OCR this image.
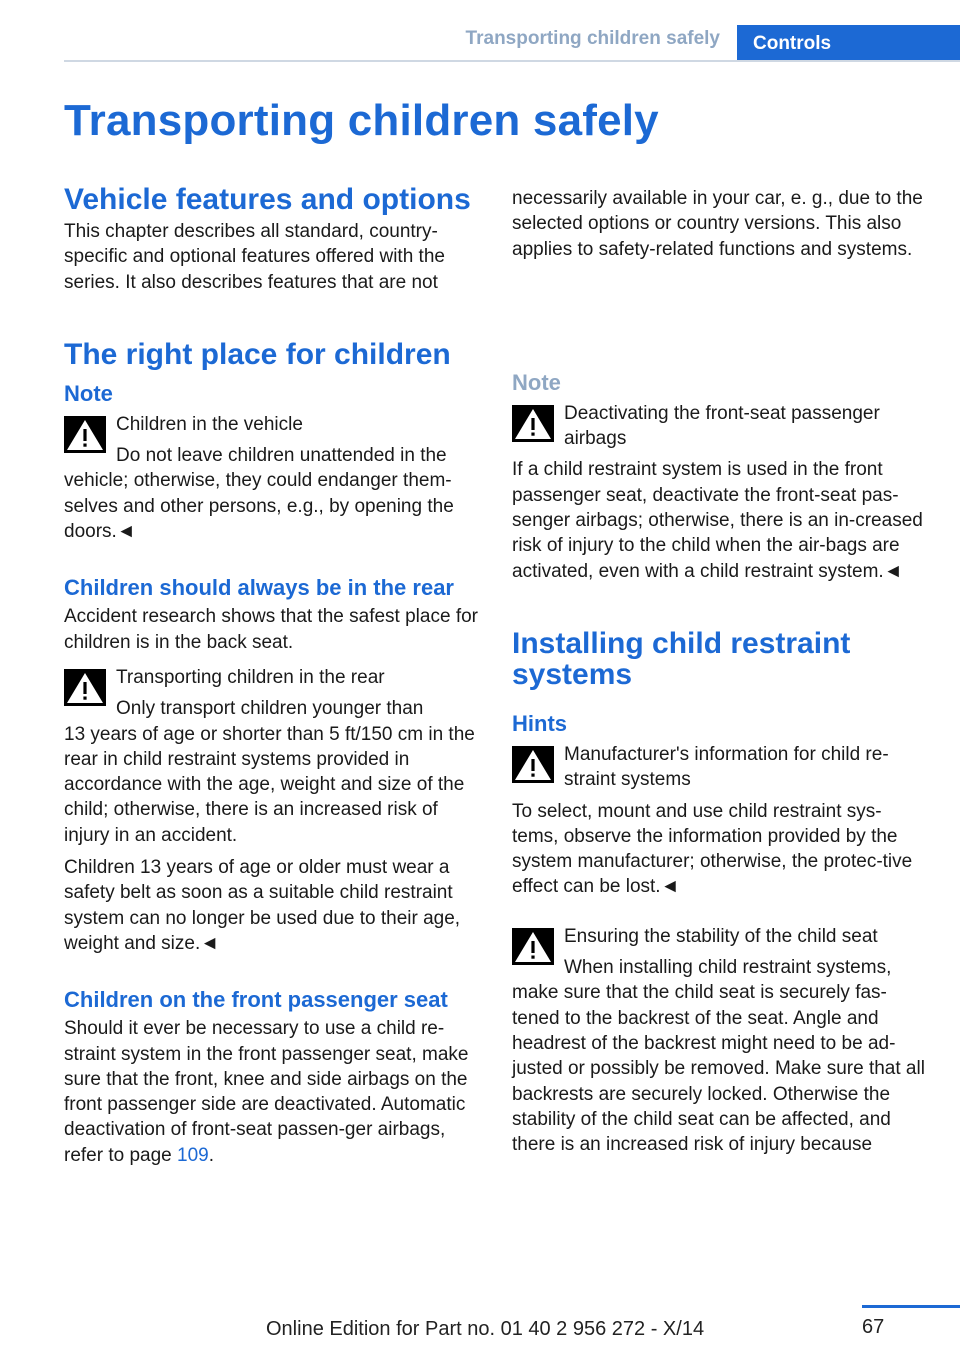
Transporting children safely	Controls
Transporting children safely
Vehicle features and options

This chapter describes all standard, country-specific and optional features offered with the series. It also describes features that are not

The right place for children
Note

Children in the vehicle

Do not leave children unattended in the

vehicle; otherwise, they could endanger them-selves and other persons, e.g., by opening the doors.◄

Children should always be in the rear

Accident research shows that the safest place for children is in the back seat.

Transporting children in the rear

Only transport children younger than

13 years of age or shorter than 5 ft/150 cm in the rear in child restraint systems provided in accordance with the age, weight and size of the child; otherwise, there is an increased risk of injury in an accident.

Children 13 years of age or older must wear a safety belt as soon as a suitable child restraint system can no longer be used due to their age, weight and size.◄

Children on the front passenger seat

Should it ever be necessary to use a child re-straint system in the front passenger seat, make sure that the front, knee and side airbags on the front passenger side are deactivated. Automatic deactivation of front-seat passen-ger airbags, refer to page 109.

necessarily available in your car, e. g., due to the selected options or country versions. This also applies to safety-related functions and systems.

Note

Deactivating the front-seat passenger airbags

If a child restraint system is used in the front passenger seat, deactivate the front-seat pas-senger airbags; otherwise, there is an in-creased risk of injury to the child when the air-bags are activated, even with a child restraint system.◄

Installing child restraint systems
Hints

Manufacturer's information for child re-straint systems

To select, mount and use child restraint sys-tems, observe the information provided by the system manufacturer; otherwise, the protec-tive effect can be lost.◄

Ensuring the stability of the child seat

When installing child restraint systems,

make sure that the child seat is securely fas-tened to the backrest of the seat. Angle and headrest of the backrest might need to be ad-justed or possibly be removed. Make sure that all backrests are securely locked. Otherwise the stability of the child seat can be affected, and there is an increased risk of injury because

67
Online Edition for Part no. 01 40 2 956 272 - X/14
